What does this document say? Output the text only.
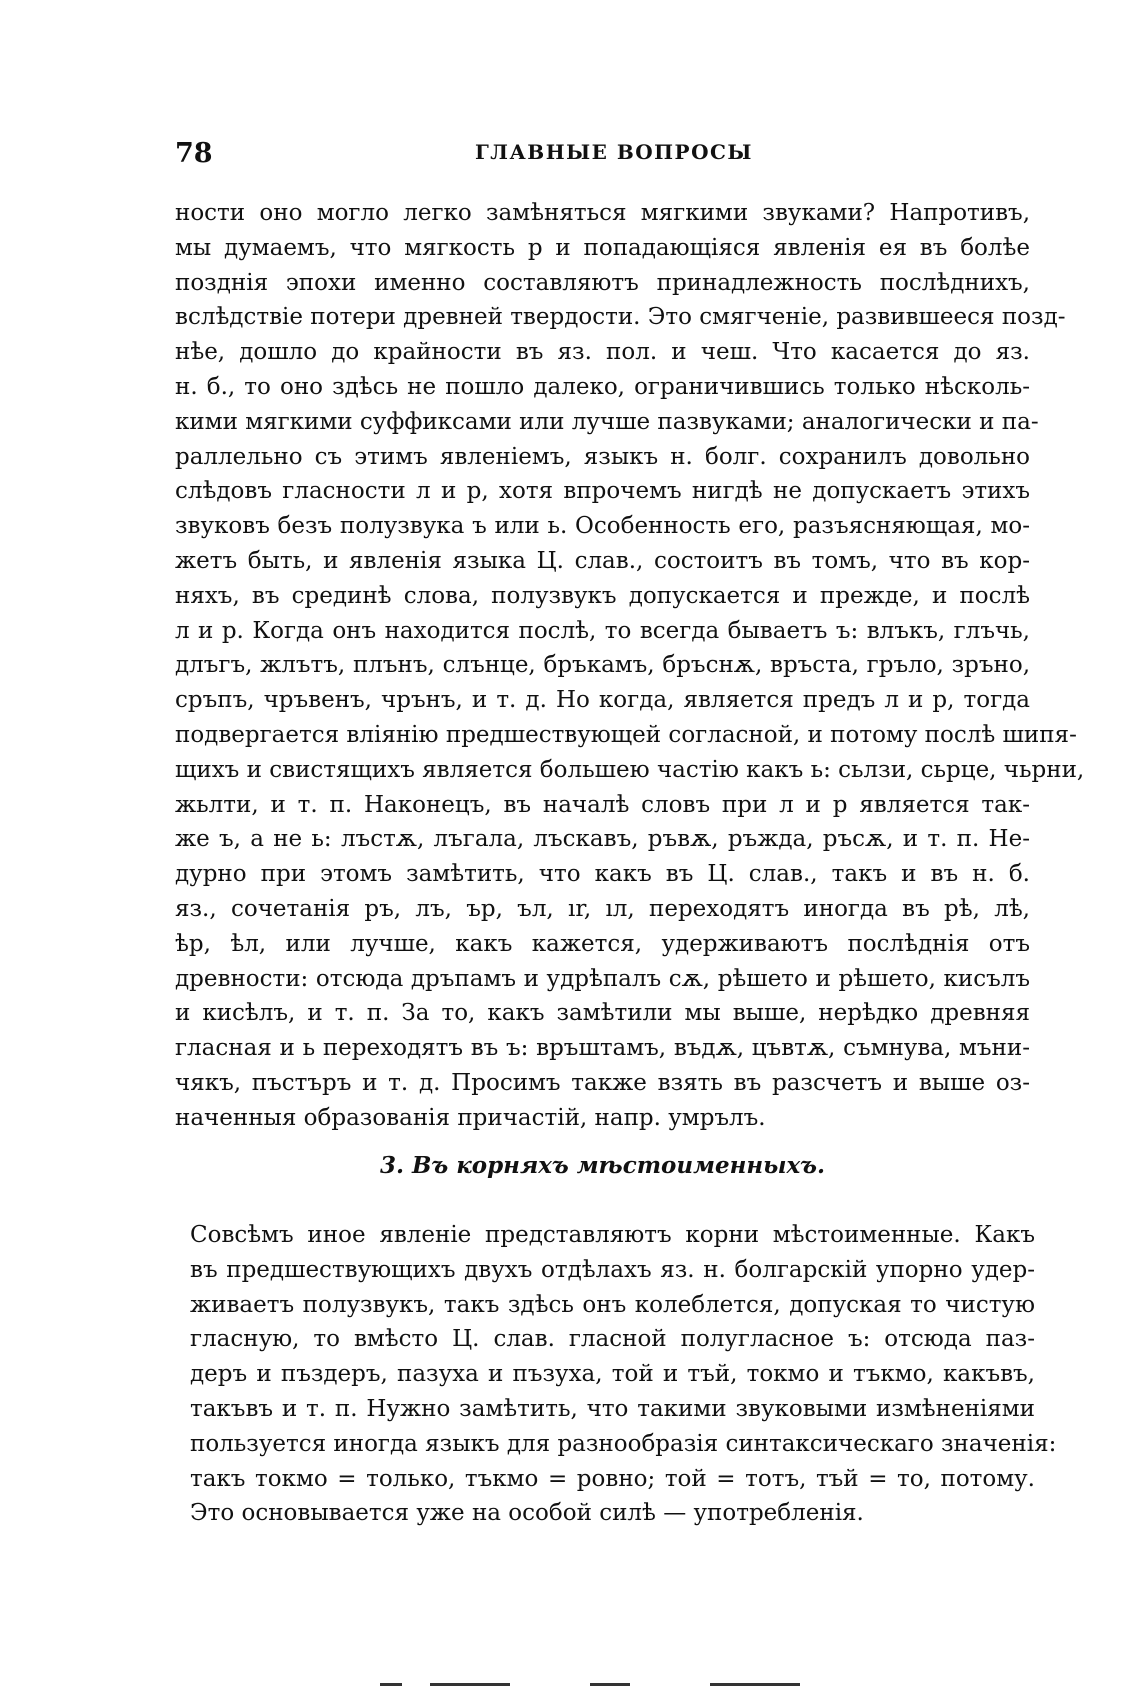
78	ГЛАВНЫЕ ВОПРОСЫ
ности оно могло легко замѣняться мягкими звуками? Напротивъ,
мы думаемъ, что мягкость р и попадающіяся явленія ея въ болѣе
позднія эпохи именно составляютъ принадлежность послѣднихъ,
вслѣдствіе потери древней твердости. Это смягченіе, развившееся позд-
нѣе, дошло до крайности въ яз. пол. и чеш. Что касается до яз.
н. б., то оно здѣсь не пошло далеко, ограничившись только нѣсколь-
кими мягкими суффиксами или лучше пазвуками; аналогически и па-
раллельно съ этимъ явленіемъ, языкъ н. болг. сохранилъ довольно
слѣдовъ гласности л и р, хотя впрочемъ нигдѣ не допускаетъ этихъ
звуковъ безъ полузвука ъ или ь. Особенность его, разъясняющая, мо-
жетъ быть, и явленія языка Ц. слав., состоитъ въ томъ, что въ кор-
няхъ, въ срединѣ слова, полузвукъ допускается и прежде, и послѣ
л и р. Когда онъ находится послѣ, то всегда бываетъ ъ: влъкъ, глъчь,
длъгъ, жлътъ, плънъ, слънце, бръкамъ, бръснѫ, връста, гръло, зрънo,
сръпъ, чръвенъ, чрънъ, и т. д. Но когда, является предъ л и р, тогда
подвергается вліянію предшествующей согласной, и потому послѣ шипя-
щихъ и свистящихъ является большею частію какъ ь: сьлзи, сьрце, чьрни,
жьлти, и т. п. Наконецъ, въ началѣ словъ при л и р является так-
же ъ, а не ь: лъстѫ, лъгала, лъскавъ, ръвѫ, ръжда, ръсѫ, и т. п. Не-
дурно при этомъ замѣтить, что какъ въ Ц. слав., такъ и въ н. б.
яз., сочетанія ръ, лъ, ър, ъл, ır, ıл, переходятъ иногда въ рѣ, лѣ,
ѣр, ѣл, или лучше, какъ кажется, удерживаютъ послѣднія отъ
древности: отсюда дръпамъ и удрѣпалъ сѫ, рѣшето и рѣшето, кисълъ
и кисѣлъ, и т. п. За то, какъ замѣтили мы выше, нерѣдко древняя
гласная и ь переходятъ въ ъ: връштамъ, въдѫ, цъвтѫ, съмнува, мъни-
чякъ, пъстъръ и т. д. Просимъ также взять въ разсчетъ и выше оз-
наченныя образованія причастій, напр. умрълъ.
3. Въ корняхъ мѣстоименныхъ.
Совсѣмъ иное явленіе представляютъ корни мѣстоименные. Какъ
въ предшествующихъ двухъ отдѣлахъ яз. н. болгарскій упорно удер-
живаетъ полузвукъ, такъ здѣсь онъ колеблется, допуская то чистую
гласную, то вмѣсто Ц. слав. гласной полугласное ъ: отсюда паз-
деръ и пъздеръ, пазуха и пъзуха, той и тъй, токмо и тъкмо, какъвъ,
такъвъ и т. п. Нужно замѣтить, что такими звуковыми измѣненіями
пользуется иногда языкъ для разнообразія синтаксическаго значенія:
такъ токмо = только, тъкмо = ровно; той = тотъ, тъй = то, потому.
Это основывается уже на особой силѣ — употребленія.
